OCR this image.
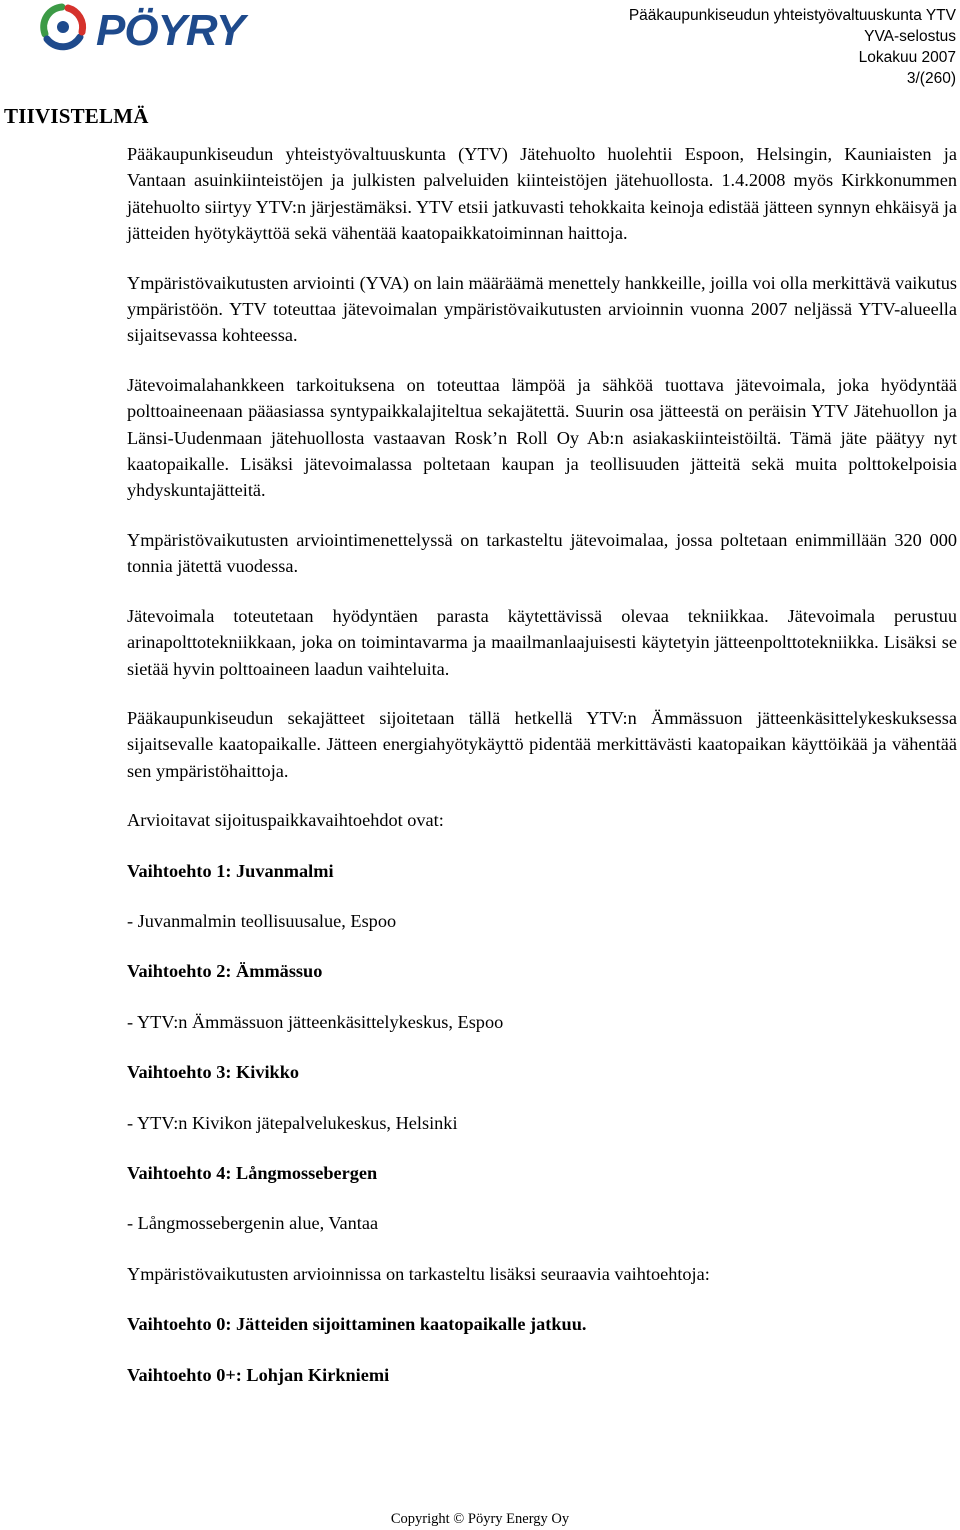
PÖYRY	Pääkaupunkiseudun yhteistyövaltuuskunta YTV
YVA-selostus
Lokakuu 2007
3/(260)
TIIVISTELMÄ

Pääkaupunkiseudun yhteistyövaltuuskunta (YTV) Jätehuolto huolehtii Espoon, Helsingin, Kauniaisten ja Vantaan asuinkiinteistöjen ja julkisten palveluiden kiinteistöjen jätehuollosta. 1.4.2008 myös Kirkkonummen jätehuolto siirtyy YTV:n järjestämäksi. YTV etsii jatkuvasti tehokkaita keinoja edistää jätteen synnyn ehkäisyä ja jätteiden hyötykäyttöä sekä vähentää kaatopaikkatoiminnan haittoja.

Ympäristövaikutusten arviointi (YVA) on lain määräämä menettely hankkeille, joilla voi olla merkittävä vaikutus ympäristöön. YTV toteuttaa jätevoimalan ympäristövaikutusten arvioinnin vuonna 2007 neljässä YTV-alueella sijaitsevassa kohteessa.

Jätevoimalahankkeen tarkoituksena on toteuttaa lämpöä ja sähköä tuottava jätevoimala, joka hyödyntää polttoaineenaan pääasiassa syntypaikkalajiteltua sekajätettä. Suurin osa jätteestä on peräisin YTV Jätehuollon ja Länsi-Uudenmaan jätehuollosta vastaavan Rosk’n Roll Oy Ab:n asiakaskiinteistöiltä. Tämä jäte päätyy nyt kaatopaikalle. Lisäksi jätevoimalassa poltetaan kaupan ja teollisuuden jätteitä sekä muita polttokelpoisia yhdyskuntajätteitä.

Ympäristövaikutusten arviointimenettelyssä on tarkasteltu jätevoimalaa, jossa poltetaan enimmillään 320 000 tonnia jätettä vuodessa.

Jätevoimala toteutetaan hyödyntäen parasta käytettävissä olevaa tekniikkaa. Jätevoimala perustuu arinapolttotekniikkaan, joka on toimintavarma ja maailmanlaajuisesti käytetyin jätteenpolttotekniikka. Lisäksi se sietää hyvin polttoaineen laadun vaihteluita.

Pääkaupunkiseudun sekajätteet sijoitetaan tällä hetkellä YTV:n Ämmässuon jätteenkäsittelykeskuksessa sijaitsevalle kaatopaikalle. Jätteen energiahyötykäyttö pidentää merkittävästi kaatopaikan käyttöikää ja vähentää sen ympäristöhaittoja.

Arvioitavat sijoituspaikkavaihtoehdot ovat:

Vaihtoehto 1: Juvanmalmi

- Juvanmalmin teollisuusalue, Espoo

Vaihtoehto 2: Ämmässuo

- YTV:n Ämmässuon jätteenkäsittelykeskus, Espoo

Vaihtoehto 3: Kivikko

- YTV:n Kivikon jätepalvelukeskus, Helsinki

Vaihtoehto 4: Långmossebergen

- Långmossebergenin alue, Vantaa

Ympäristövaikutusten arvioinnissa on tarkasteltu lisäksi seuraavia vaihtoehtoja:

Vaihtoehto 0: Jätteiden sijoittaminen kaatopaikalle jatkuu.

Vaihtoehto 0+: Lohjan Kirkniemi

Copyright © Pöyry Energy Oy
